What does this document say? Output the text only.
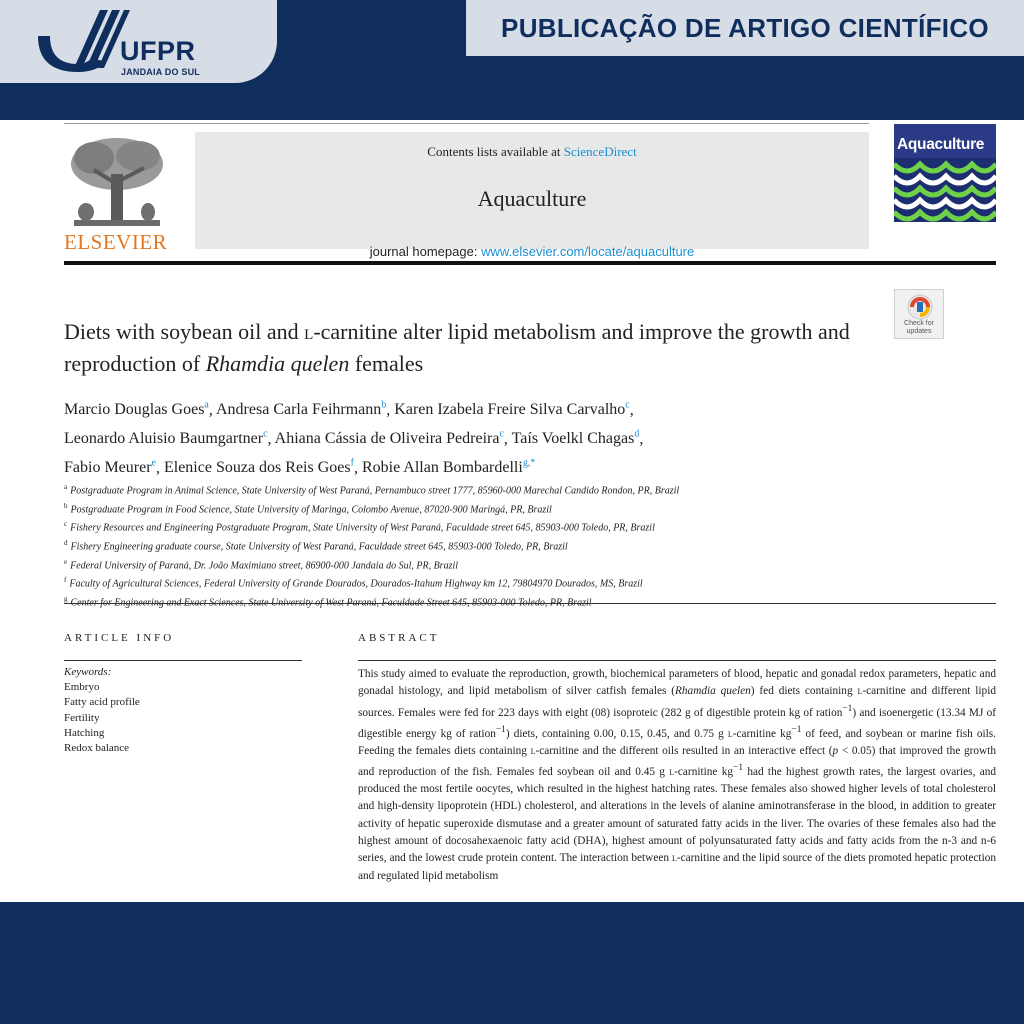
UFPR
JANDAIA DO SUL
PUBLICAÇÃO DE ARTIGO CIENTÍFICO
ELSEVIER
Contents lists available at ScienceDirect
Aquaculture
journal homepage: www.elsevier.com/locate/aquaculture
Aquaculture
Check for
updates
Diets with soybean oil and l-carnitine alter lipid metabolism and improve the growth and reproduction of Rhamdia quelen females
Marcio Douglas Goes$^a$, Andresa Carla Feihrmann$^b$, Karen Izabela Freire Silva Carvalho$^c$,
Leonardo Aluisio Baumgartner$^c$, Ahiana Cássia de Oliveira Pedreira$^c$, Taís Voelkl Chagas$^d$,
Fabio Meurer$^e$, Elenice Souza dos Reis Goes$^f$, Robie Allan Bombardelli$^{g,*}$
$^a$ Postgraduate Program in Animal Science, State University of West Paraná, Pernambuco street 1777, 85960-000 Marechal Candido Rondon, PR, Brazil
$^b$ Postgraduate Program in Food Science, State University of Maringa, Colombo Avenue, 87020-900 Maringá, PR, Brazil
$^c$ Fishery Resources and Engineering Postgraduate Program, State University of West Paraná, Faculdade street 645, 85903-000 Toledo, PR, Brazil
$^d$ Fishery Engineering graduate course, State University of West Paraná, Faculdade street 645, 85903-000 Toledo, PR, Brazil
$^e$ Federal University of Paraná, Dr. João Maximiano street, 86900-000 Jandaia do Sul, PR, Brazil
$^f$ Faculty of Agricultural Sciences, Federal University of Grande Dourados, Dourados-Itahum Highway km 12, 79804970 Dourados, MS, Brazil
$^g$
ARTICLE INFO	ABSTRACT
Keywords:
Embryo
Fatty acid profile
Fertility
Hatching
Redox balance
This study aimed to evaluate the reproduction, growth, biochemical parameters of blood, hepatic and gonadal redox parameters, hepatic and gonadal histology, and lipid metabolism of silver catfish females (Rhamdia quelen) fed diets containing l-carnitine and different lipid sources. Females were fed for 223 days with eight (08) isoproteic (282 g of digestible protein kg of ration$^{-1}$) and isoenergetic (13.34 MJ of digestible energy kg of ration$^{-1}$) diets, containing 0.00, 0.15, 0.45, and 0.75 g l-carnitine $kg^{-1}$ of feed, and soybean or marine fish oils. Feeding the females diets containing l-carnitine and the different oils resulted in an interactive effect (p < 0.05) that improved the growth and reproduction of the fish. Females fed soybean oil and 0.45 g l-carnitine $kg^{-1}$ had the highest growth rates, the largest ovaries, and produced the most fertile oocytes, which resulted in the highest hatching rates. These females also showed higher levels of total cholesterol and high-density lipoprotein (HDL) cholesterol, and alterations in the levels of alanine aminotransferase in the blood, in addition to greater activity of hepatic superoxide dismutase and a greater amount of saturated fatty acids in the liver. The ovaries of these females also had the highest amount of docosahexaenoic fatty acid (DHA), highest amount of polyunsaturated fatty acids and fatty acids from the n-3 and n-6 series, and the lowest crude protein content. The interaction between l-carnitine and the lipid source of the diets promoted hepatic protection and regulated lipid metabolism
